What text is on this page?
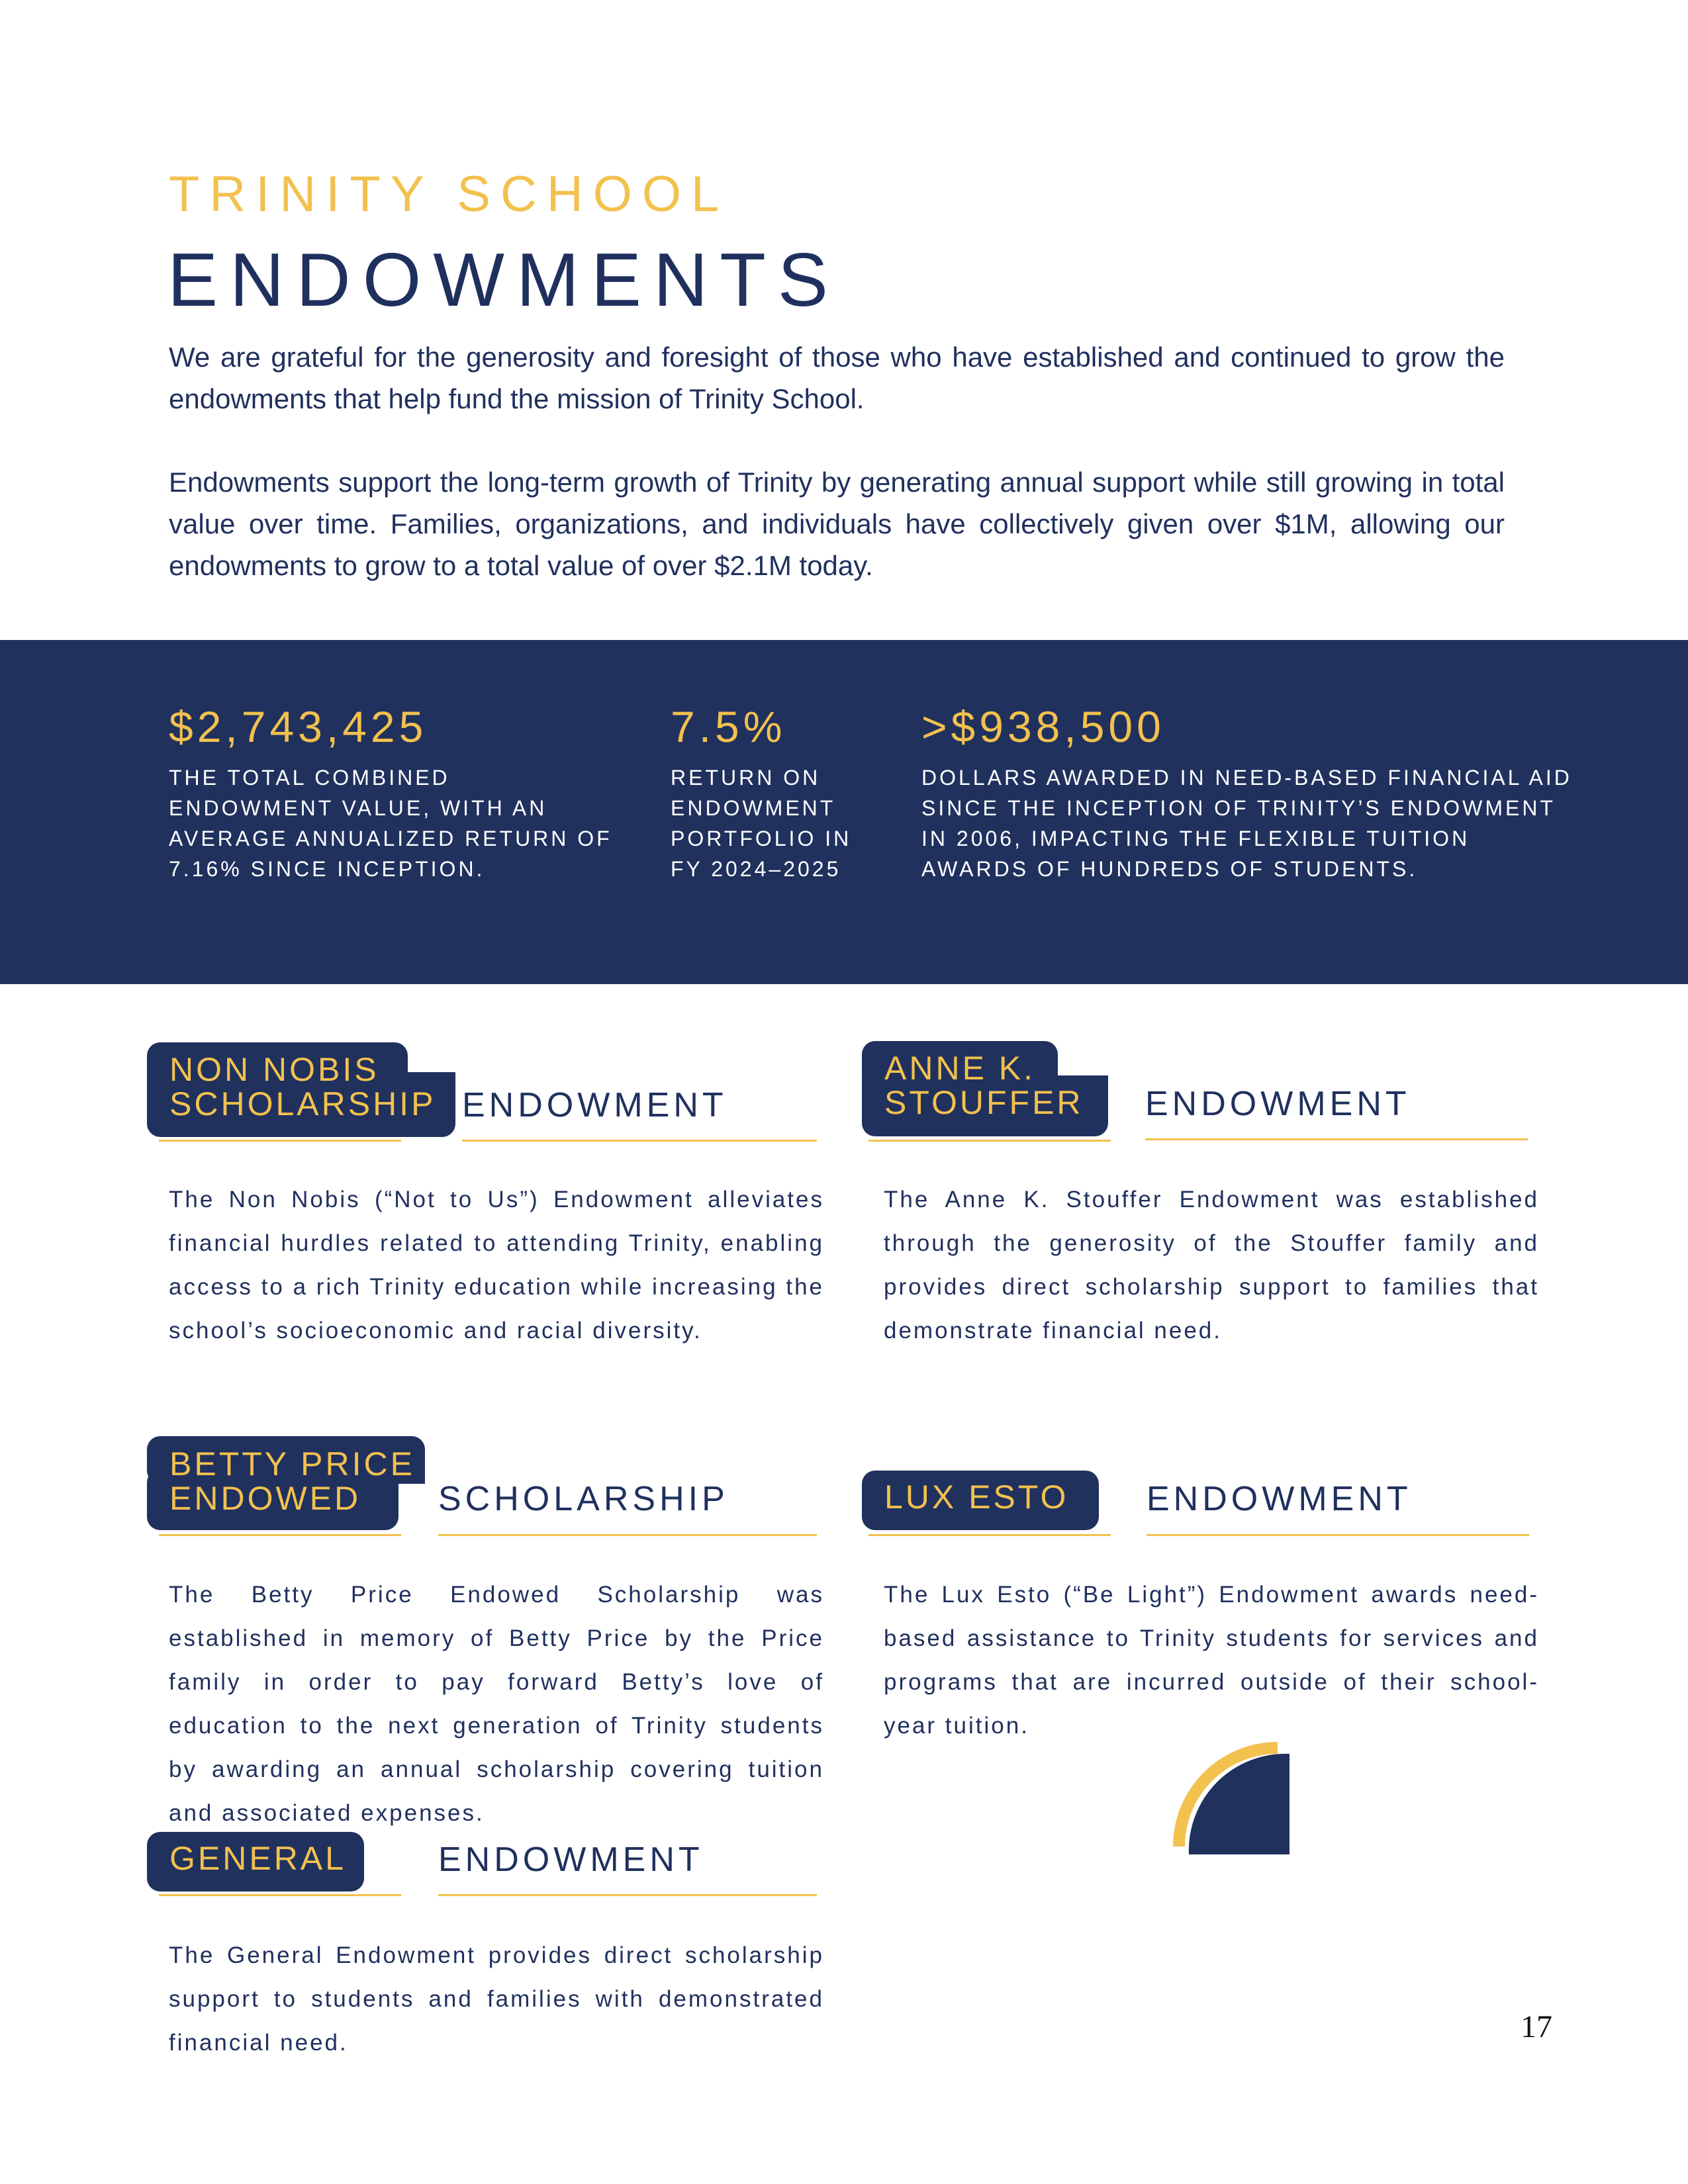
TRINITY SCHOOL
ENDOWMENTS

We are grateful for the generosity and foresight of those who have established and continued to grow the endowments that help fund the mission of Trinity School.

Endowments support the long-term growth of Trinity by generating annual support while still growing in total value over time. Families, organizations, and individuals have collectively given over $1M, allowing our endowments to grow to a total value of over $2.1M today.

$2,743,425
THE TOTAL COMBINED ENDOWMENT VALUE, WITH AN AVERAGE ANNUALIZED RETURN OF 7.16% SINCE INCEPTION.
7.5%
RETURN ON ENDOWMENT PORTFOLIO IN FY 2024–2025
>$938,500
DOLLARS AWARDED IN NEED-BASED FINANCIAL AID SINCE THE INCEPTION OF TRINITY’S ENDOWMENT IN 2006, IMPACTING THE FLEXIBLE TUITION AWARDS OF HUNDREDS OF STUDENTS.
NON NOBIS
SCHOLARSHIP ENDOWMENT

The Non Nobis (“Not to Us”) Endowment alleviates financial hurdles related to attending Trinity, enabling access to a rich Trinity education while increasing the school’s socioeconomic and racial diversity.

ANNE K.
STOUFFER	ENDOWMENT

The Anne K. Stouffer Endowment was established through the generosity of the Stouffer family and provides direct scholarship support to families that demonstrate financial need.

BETTY PRICE
ENDOWED	SCHOLARSHIP

The Betty Price Endowed Scholarship was established in memory of Betty Price by the Price family in order to pay forward Betty’s love of education to the next generation of Trinity students by awarding an annual scholarship covering tuition and associated expenses.

LUX ESTO	ENDOWMENT

The Lux Esto (“Be Light”) Endowment awards need-based assistance to Trinity students for services and programs that are incurred outside of their school-year tuition.

GENERAL	ENDOWMENT

The General Endowment provides direct scholarship support to students and families with demonstrated financial need.	17
